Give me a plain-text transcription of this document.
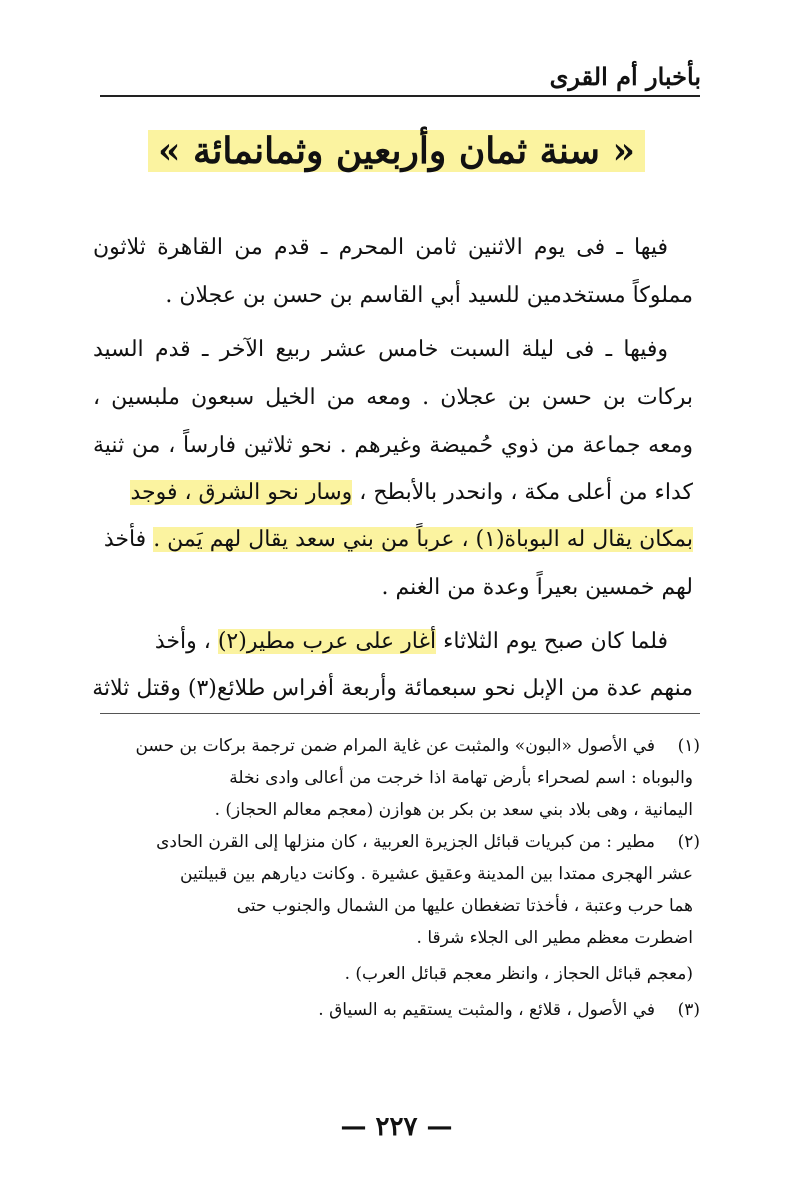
بأخبار أم القرى
« سنة ثمان وأربعين وثمانمائة »
فيها ـ فى يوم الاثنين ثامن المحرم ـ قدم من القاهرة ثلاثون
مملوكاً مستخدمين للسيد أبي القاسم بن حسن بن عجلان .
وفيها ـ فى ليلة السبت خامس عشر ربيع الآخر ـ قدم السيد
بركات بن حسن بن عجلان . ومعه من الخيل سبعون ملبسين ،
ومعه جماعة من ذوي حُميضة وغيرهم . نحو ثلاثين فارساً ، من ثنية
كداء من أعلى مكة ، وانحدر بالأبطح ، وسار نحو الشرق ، فوجد
بمكان يقال له البوباة(١) ، عرباً من بني سعد يقال لهم يَمن . فأخذ
لهم خمسين بعيراً وعدة من الغنم .
فلما كان صبح يوم الثلاثاء أغار على عرب مطير(٢) ، وأخذ
منهم عدة من الإبل نحو سبعمائة وأربعة أفراس طلائع(٣) وقتل ثلاثة
(١)
(٢)
(٣)
في الأصول «البون» والمثبت عن غاية المرام ضمن ترجمة بركات بن حسن
والبوباه : اسم لصحراء بأرض تهامة اذا خرجت من أعالى وادى نخلة
اليمانية ، وهى بلاد بني سعد بن بكر بن هوازن (معجم معالم الحجاز) .
مطير : من كبريات قبائل الجزيرة العربية ، كان منزلها إلى القرن الحادى
عشر الهجرى ممتدا بين المدينة وعقيق عشيرة . وكانت ديارهم بين قبيلتين
هما حرب وعتبة ، فأخذتا تضغطان عليها من الشمال والجنوب حتى
اضطرت معظم مطير الى الجلاء شرقا .
(معجم قبائل الحجاز ، وانظر معجم قبائل العرب) .
في الأصول ، قلائع ، والمثبت يستقيم به السياق .
— ٢٢٧ —
